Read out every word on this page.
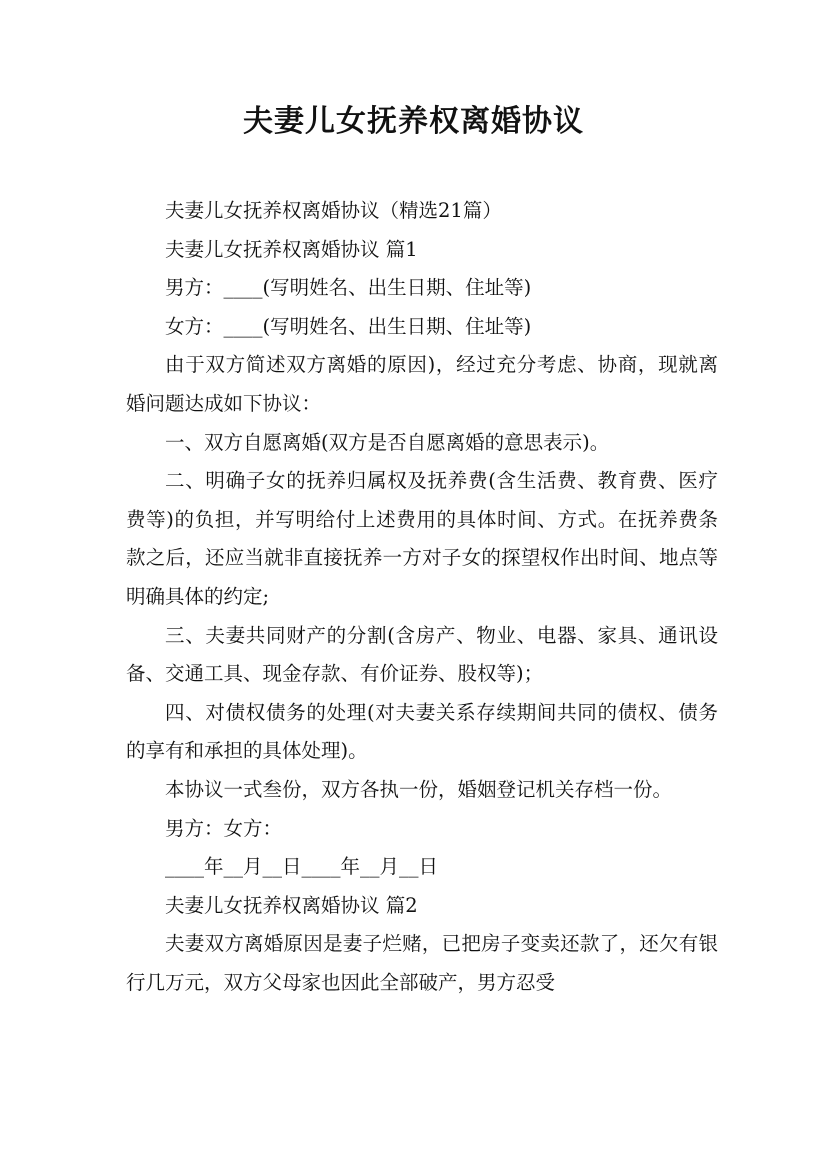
夫妻儿女抚养权离婚协议

夫妻儿女抚养权离婚协议（精选21篇）

夫妻儿女抚养权离婚协议 篇1

男方：____(写明姓名、出生日期、住址等)

女方：____(写明姓名、出生日期、住址等)

由于双方简述双方离婚的原因)，经过充分考虑、协商，现就离婚问题达成如下协议：

一、双方自愿离婚(双方是否自愿离婚的意思表示)。

二、明确子女的抚养归属权及抚养费(含生活费、教育费、医疗费等)的负担，并写明给付上述费用的具体时间、方式。在抚养费条款之后，还应当就非直接抚养一方对子女的探望权作出时间、地点等明确具体的约定;

三、夫妻共同财产的分割(含房产、物业、电器、家具、通讯设备、交通工具、现金存款、有价证券、股权等)；

四、对债权债务的处理(对夫妻关系存续期间共同的债权、债务的享有和承担的具体处理)。

本协议一式叁份，双方各执一份，婚姻登记机关存档一份。

男方：女方：

____年__月__日____年__月__日

夫妻儿女抚养权离婚协议 篇2

夫妻双方离婚原因是妻子烂赌，已把房子变卖还款了，还欠有银行几万元，双方父母家也因此全部破产，男方忍受
